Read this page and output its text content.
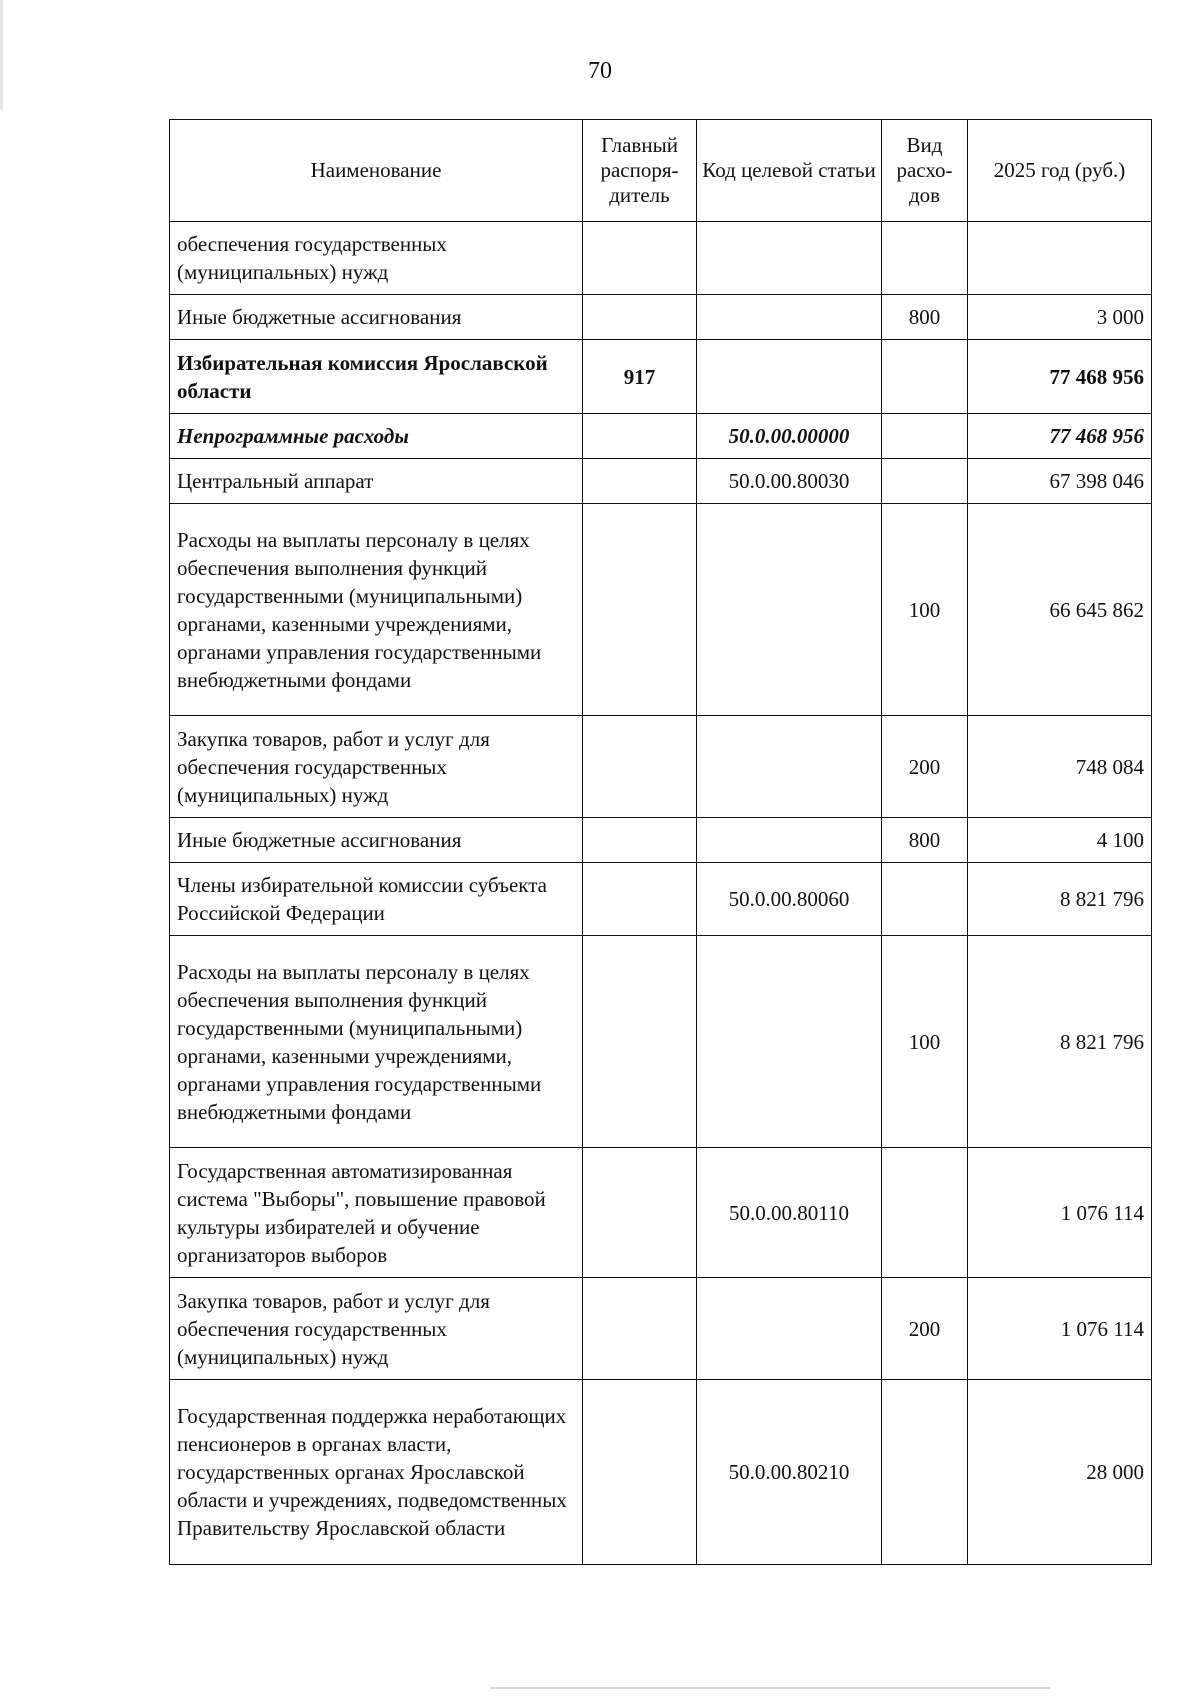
70
Наименование	Главный распоря-дитель	Код целевой статьи	Вид расхо-дов	2025 год (руб.)
обеспечения государственных (муниципальных) нужд				
Иные бюджетные ассигнования			800	3 000
Избирательная комиссия Ярославской области	917			77 468 956
Непрограммные расходы		50.0.00.00000		77 468 956
Центральный аппарат		50.0.00.80030		67 398 046
Расходы на выплаты персоналу в целях обеспечения выполнения функций государственными (муниципальными) органами, казенными учреждениями, органами управления государственными внебюджетными фондами			100	66 645 862
Закупка товаров, работ и услуг для обеспечения государственных (муниципальных) нужд			200	748 084
Иные бюджетные ассигнования			800	4 100
Члены избирательной комиссии субъекта Российской Федерации		50.0.00.80060		8 821 796
Расходы на выплаты персоналу в целях обеспечения выполнения функций государственными (муниципальными) органами, казенными учреждениями, органами управления государственными внебюджетными фондами			100	8 821 796
Государственная автоматизированная система "Выборы", повышение правовой культуры избирателей и обучение организаторов выборов		50.0.00.80110		1 076 114
Закупка товаров, работ и услуг для обеспечения государственных (муниципальных) нужд			200	1 076 114
Государственная поддержка неработающих пенсионеров в органах власти, государственных органах Ярославской области и учреждениях, подведомственных Правительству Ярославской области		50.0.00.80210		28 000
